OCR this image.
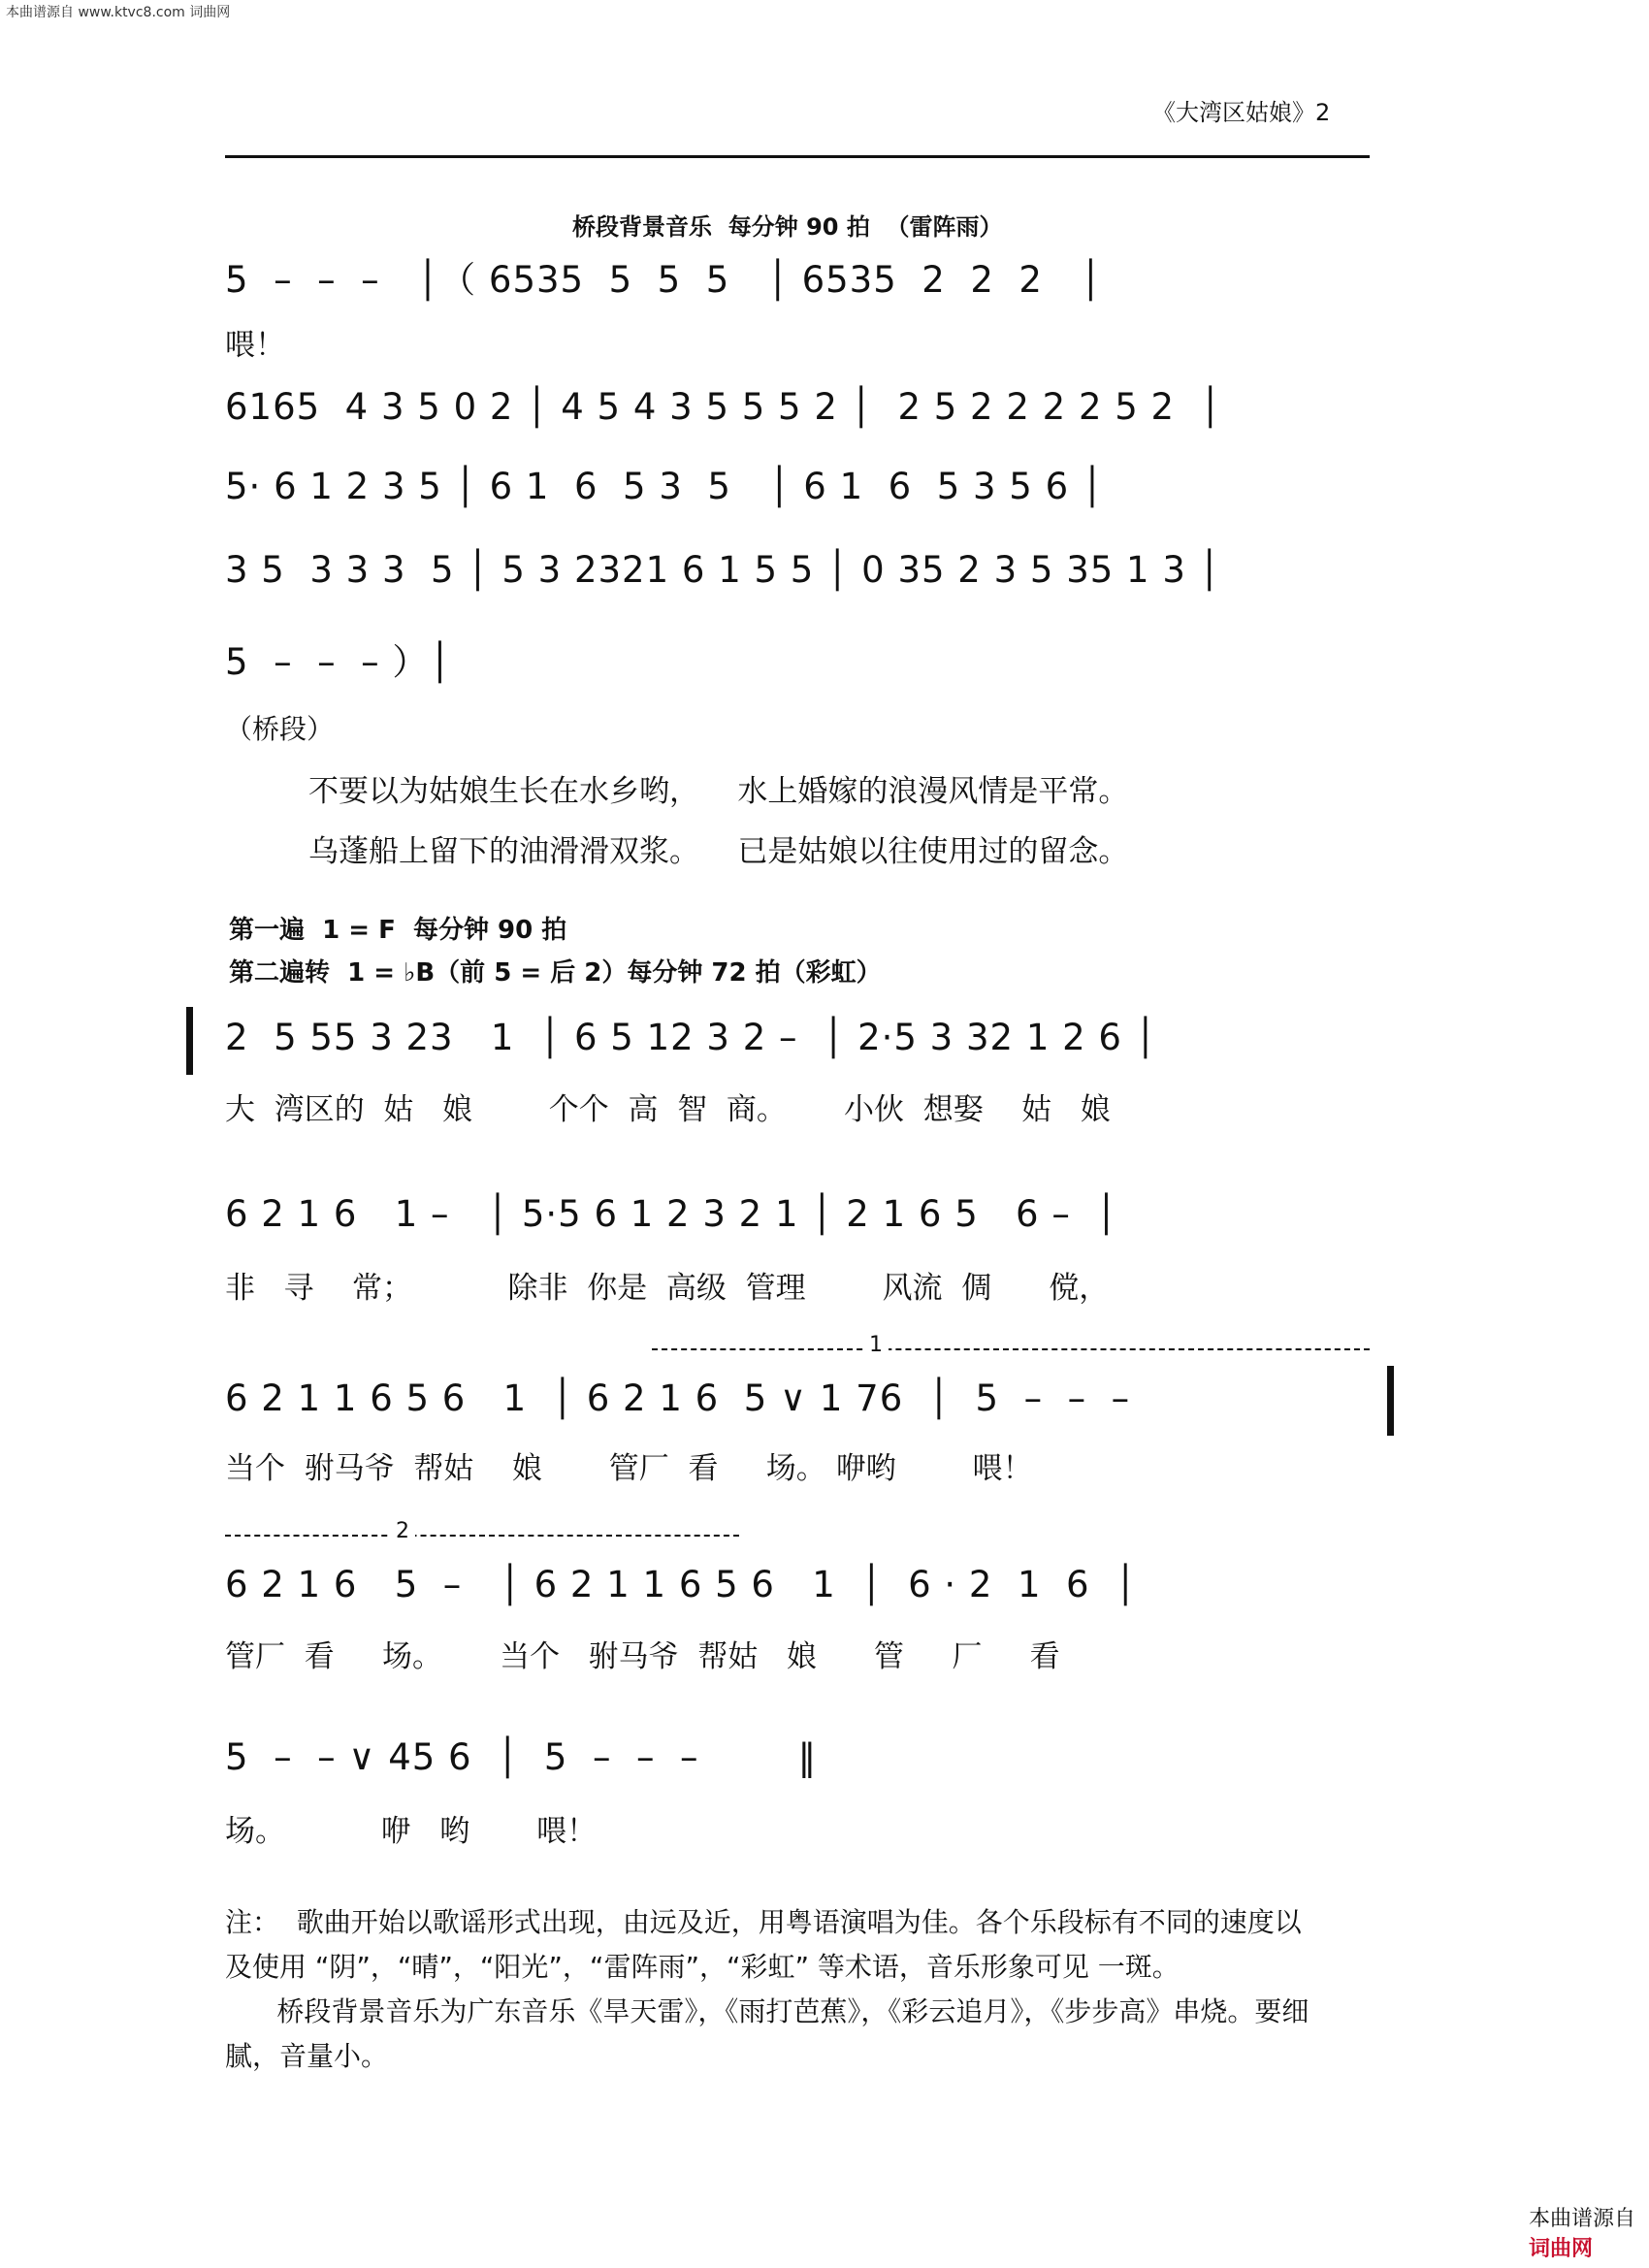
本曲谱源自 www.ktvc8.com 词曲网
《大湾区姑娘》2
桥段背景音乐  每分钟 90 拍  （雷阵雨）
5  –  –  –   │（ 6535  5  5  5   │ 6535  2  2  2   │
喂！
6165  4 3 5 0 2 │ 4 5 4 3 5 5 5 2 │  2 5 2 2 2 2 5 2  │
5· 6 1 2 3 5 │ 6 1  6  5 3  5   │ 6 1  6  5 3 5 6 │
3 5  3 3 3  5 │ 5 3 2321 6 1 5 5 │ 0 35 2 3 5 35 1 3 │
5  –  –  – ）│
（桥段）
不要以为姑娘生长在水乡哟，    水上婚嫁的浪漫风情是平常。
乌蓬船上留下的油滑滑双浆。    已是姑娘以往使用过的留念。
第一遍  1 = F  每分钟 90 拍
第二遍转  1 = ♭B（前 5 = 后 2）每分钟 72 拍（彩虹）
2  5 55 3 23   1  │ 6 5 12 3 2 –  │ 2·5 3 32 1 2 6 │
大  湾区的  姑   娘        个个  高  智  商。      小伙  想娶    姑   娘
6 2 1 6   1 –   │ 5·5 6 1 2 3 2 1 │ 2 1 6 5   6 –  │
非   寻    常；          除非  你是  高级  管理        风流  倜      傥，
1
6 2 1 1 6 5 6   1  │ 6 2 1 6  5 ∨ 1 76  │  5  –  –  –
当个  驸马爷  帮姑    娘       管厂  看     场。 咿哟        喂！
2
6 2 1 6   5  –   │ 6 2 1 1 6 5 6   1  │  6 · 2  1  6  │
管厂  看     场。      当个   驸马爷  帮姑   娘      管     厂     看
5  –  – ∨ 45 6  │  5  –  –  –        ‖
场。          咿   哟       喂！
注：  歌曲开始以歌谣形式出现，由远及近，用粤语演唱为佳。各个乐段标有不同的速度以
及使用 “阴”，“晴”，“阳光”，“雷阵雨”，“彩虹” 等术语，音乐形象可见 一斑。
桥段背景音乐为广东音乐《旱天雷》，《雨打芭蕉》，《彩云追月》，《步步高》串烧。要细
腻，音量小。

本曲谱源自
词曲网
